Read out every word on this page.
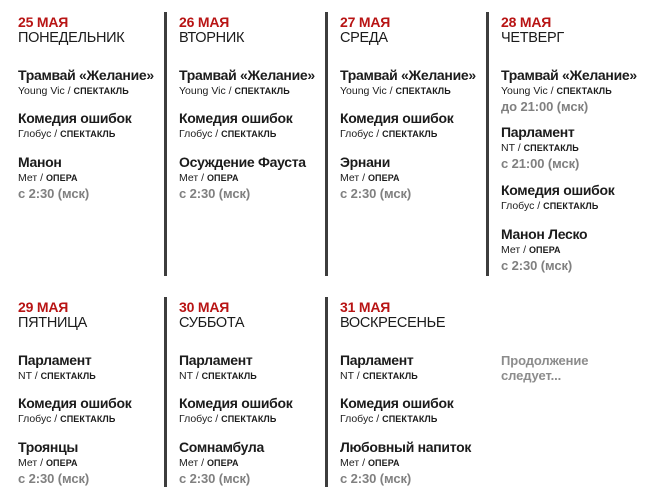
25 МАЯ
ПОНЕДЕЛЬНИК
Трамвай «Желание»
Young Vic / СПЕКТАКЛЬ
Комедия ошибок
Глобус / СПЕКТАКЛЬ
Манон
Мет / ОПЕРА
с 2:30 (мск)
26 МАЯ
ВТОРНИК
Трамвай «Желание»
Young Vic / СПЕКТАКЛЬ
Комедия ошибок
Глобус / СПЕКТАКЛЬ
Осуждение Фауста
Мет / ОПЕРА
с 2:30 (мск)
27 МАЯ
СРЕДА
Трамвай «Желание»
Young Vic / СПЕКТАКЛЬ
Комедия ошибок
Глобус / СПЕКТАКЛЬ
Эрнани
Мет / ОПЕРА
с 2:30 (мск)
28 МАЯ
ЧЕТВЕРГ
Трамвай «Желание»
Young Vic / СПЕКТАКЛЬ
до 21:00 (мск)
Парламент
NT / СПЕКТАКЛЬ
с 21:00 (мск)
Комедия ошибок
Глобус / СПЕКТАКЛЬ
Манон Леско
Мет / ОПЕРА
с 2:30 (мск)
29 МАЯ
ПЯТНИЦА
Парламент
NT / СПЕКТАКЛЬ
Комедия ошибок
Глобус / СПЕКТАКЛЬ
Троянцы
Мет / ОПЕРА
с 2:30 (мск)
30 МАЯ
СУББОТА
Парламент
NT / СПЕКТАКЛЬ
Комедия ошибок
Глобус / СПЕКТАКЛЬ
Сомнамбула
Мет / ОПЕРА
с 2:30 (мск)
31 МАЯ
ВОСКРЕСЕНЬЕ
Парламент
NT / СПЕКТАКЛЬ
Комедия ошибок
Глобус / СПЕКТАКЛЬ
Любовный напиток
Мет / ОПЕРА
с 2:30 (мск)
Продолжение следует...
